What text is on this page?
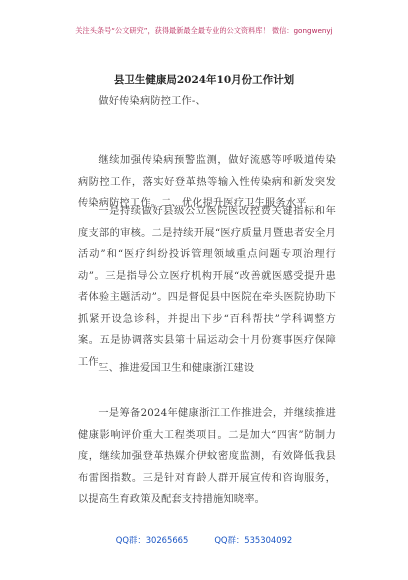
关注头条号“公文研究”，获得最新最全最专业的公文资料库！ 微信：gongwenyj
县卫生健康局2024年10月份工作计划

做好传染病防控工作-、

继续加强传染病预警监测，做好流感等呼吸道传染病防控工作，落实好登革热等输入性传染病和新发突发传染病防控工作。二、优化提升医疗卫生服务水平

一是持续做好县级公立医院医改控费关键指标和年度支部的审核。二是持续开展“医疗质量月暨患者安全月活动”和“医疗纠纷投诉管理领域重点问题专项治理行动”。三是指导公立医疗机构开展“改善就医感受提升患者体验主题活动”。四是督促县中医院在牵头医院协助下抓紧开设急诊科，并提出下步“百科帮扶”学科调整方案。五是协调落实县第十届运动会十月份赛事医疗保障工作。

三、推进爱国卫生和健康浙江建设

一是筹备2024年健康浙江工作推进会，并继续推进健康影响评价重大工程类项目。二是加大“四害”防制力度，继续加强登革热媒介伊蚊密度监测，有效降低我县布雷图指数。三是针对育龄人群开展宣传和咨询服务，以提高生育政策及配套支持措施知晓率。

QQ群：30265665	QQ群：535304092
